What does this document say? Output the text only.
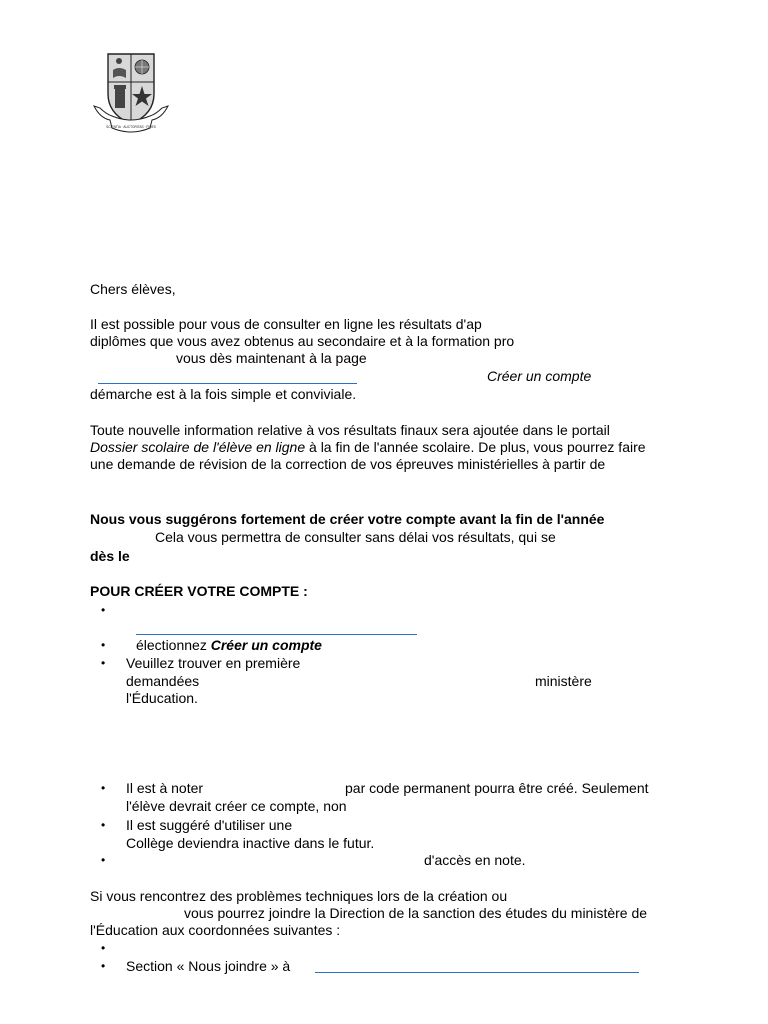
SCIENTIA · AUCTORITAS · FIDES
Chers élèves,
Il est possible pour vous de consulter en ligne les résultats d'ap
diplômes que vous avez obtenus au secondaire et à la formation pro
vous dès maintenant à la page
Créer un compte
démarche est à la fois simple et conviviale.
Toute nouvelle information relative à vos résultats finaux sera ajoutée dans le portail
Dossier scolaire de l'élève en ligne à la fin de l'année scolaire. De plus, vous pourrez faire
une demande de révision de la correction de vos épreuves ministérielles à partir de
Nous vous suggérons fortement de créer votre compte avant la fin de l'année
Cela vous permettra de consulter sans délai vos résultats, qui se
dès le
POUR CRÉER VOTRE COMPTE :
•
• électionnez Créer un compte
• Veuillez trouver en première
demandées	ministère
l'Éducation.
• Il est à noter	par code permanent pourra être créé. Seulement
l'élève devrait créer ce compte, non
• Il est suggéré d'utiliser une
Collège deviendra inactive dans le futur.
•	d'accès en note.
Si vous rencontrez des problèmes techniques lors de la création ou
vous pourrez joindre la Direction de la sanction des études du ministère de
l'Éducation aux coordonnées suivantes :
•
• Section « Nous joindre » à
